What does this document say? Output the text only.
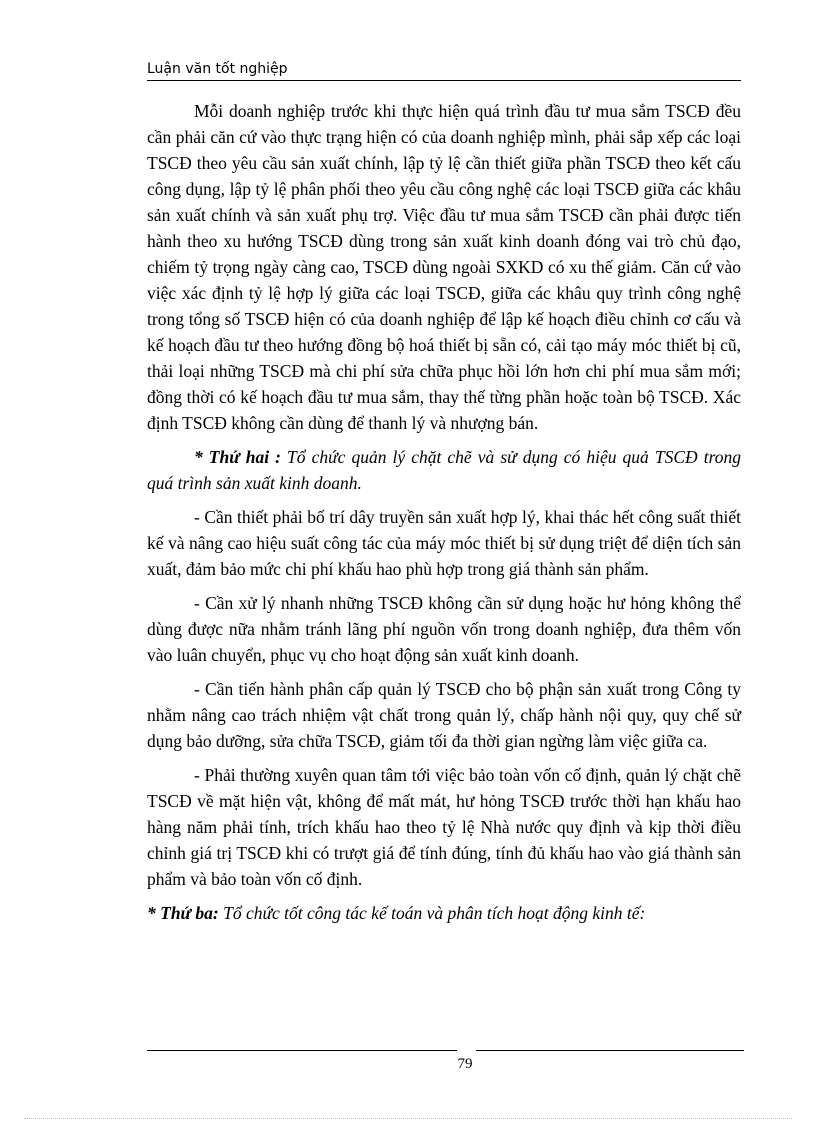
Luận văn tốt nghiệp

Mỗi doanh nghiệp trước khi thực hiện quá trình đầu tư mua sắm TSCĐ đều cần phải căn cứ vào thực trạng hiện có của doanh nghiệp mình, phải sắp xếp các loại TSCĐ theo yêu cầu sản xuất chính, lập tỷ lệ cần thiết giữa phần TSCĐ theo kết cấu công dụng, lập tỷ lệ phân phối theo yêu cầu công nghệ các loại TSCĐ giữa các khâu sản xuất chính và sản xuất phụ trợ. Việc đầu tư mua sắm TSCĐ cần phải được tiến hành theo xu hướng TSCĐ dùng trong sản xuất kinh doanh đóng vai trò chủ đạo, chiếm tỷ trọng ngày càng cao, TSCĐ dùng ngoài SXKD có xu thế giảm. Căn cứ vào việc xác định tỷ lệ hợp lý giữa các loại TSCĐ, giữa các khâu quy trình công nghệ trong tổng số TSCĐ hiện có của doanh nghiệp để lập kế hoạch điều chỉnh cơ cấu và kế hoạch đầu tư theo hướng đồng bộ hoá thiết bị sẵn có, cải tạo máy móc thiết bị cũ, thải loại những TSCĐ mà chi phí sửa chữa phục hồi lớn hơn chi phí mua sắm mới; đồng thời có kế hoạch đầu tư mua sắm, thay thế từng phần hoặc toàn bộ TSCĐ. Xác định TSCĐ không cần dùng để thanh lý và nhượng bán.

* Thứ hai : Tổ chức quản lý chặt chẽ và sử dụng có hiệu quả TSCĐ trong quá trình sản xuất kinh doanh.

- Cần thiết phải bố trí dây truyền sản xuất hợp lý, khai thác hết công suất thiết kế và nâng cao hiệu suất công tác của máy móc thiết bị sử dụng triệt để diện tích sản xuất, đảm bảo mức chi phí khấu hao phù hợp trong giá thành sản phẩm.

- Cần xử lý nhanh những TSCĐ không cần sử dụng hoặc hư hỏng không thể dùng được nữa nhằm tránh lãng phí nguồn vốn trong doanh nghiệp, đưa thêm vốn vào luân chuyển, phục vụ cho hoạt động sản xuất kinh doanh.

- Cần tiến hành phân cấp quản lý TSCĐ cho bộ phận sản xuất trong Công ty nhằm nâng cao trách nhiệm vật chất trong quản lý, chấp hành nội quy, quy chế sử dụng bảo dưỡng, sửa chữa TSCĐ, giảm tối đa thời gian ngừng làm việc giữa ca.

- Phải thường xuyên quan tâm tới việc bảo toàn vốn cố định, quản lý chặt chẽ TSCĐ về mặt hiện vật, không để mất mát, hư hỏng TSCĐ trước thời hạn khấu hao hàng năm phải tính, trích khấu hao theo tỷ lệ Nhà nước quy định và kịp thời điều chỉnh giá trị TSCĐ khi có trượt giá để tính đúng, tính đủ khấu hao vào giá thành sản phẩm và bảo toàn vốn cố định.

* Thứ ba: Tổ chức tốt công tác kế toán và phân tích hoạt động kinh tế:

79
